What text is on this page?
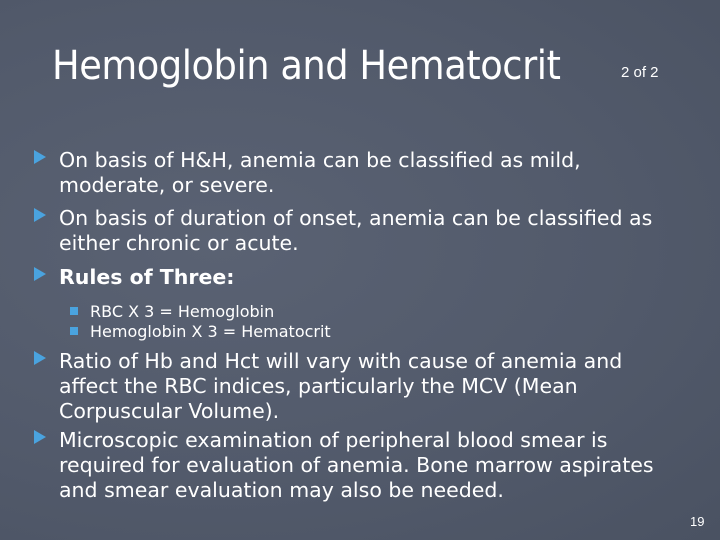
Hemoglobin and Hematocrit	2 of 2
On basis of H&H, anemia can be classified as mild, moderate, or severe.
On basis of duration of onset, anemia can be classified as either chronic or acute.
Rules of Three:
RBC X 3 = Hemoglobin
Hemoglobin X 3 = Hematocrit
Ratio of Hb and Hct will vary with cause of anemia and affect the RBC indices, particularly the MCV (Mean Corpuscular Volume).
Microscopic examination of peripheral blood smear is required for evaluation of anemia. Bone marrow aspirates and smear evaluation may also be needed.
19
